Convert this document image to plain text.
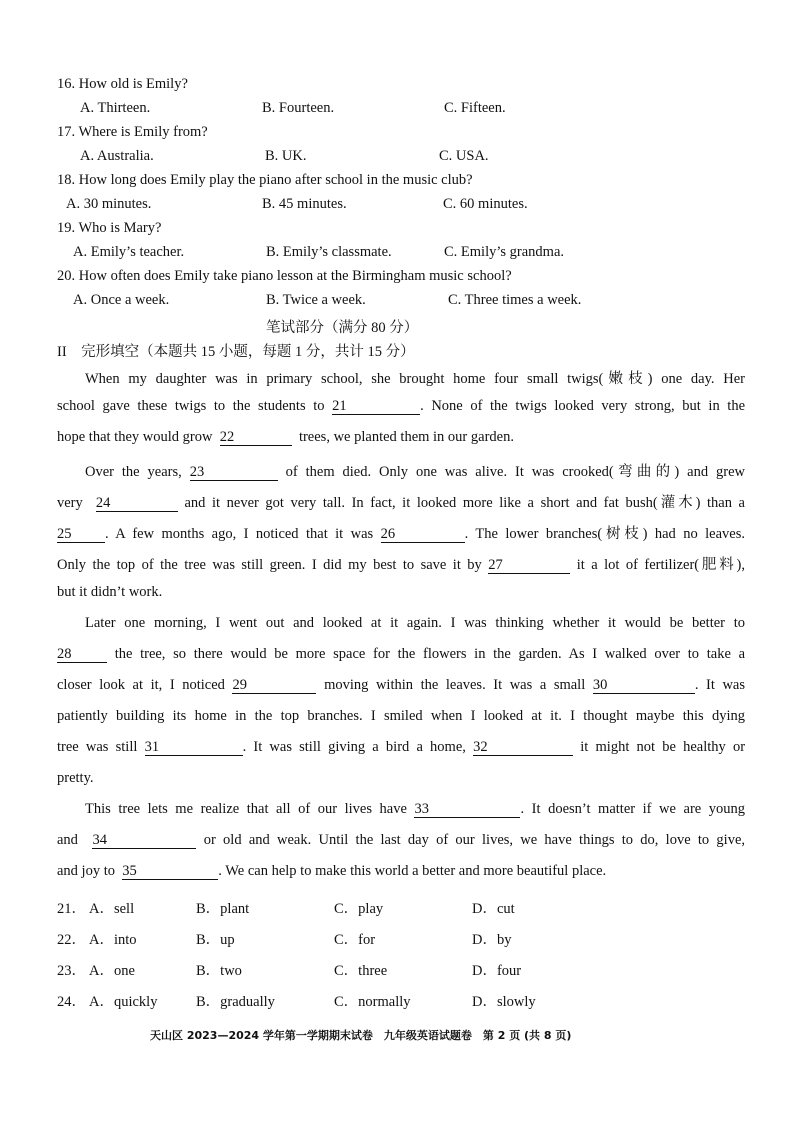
16. How old is Emily?
A. Thirteen.	B. Fourteen.	C. Fifteen.
17. Where is Emily from?
A. Australia.	B. UK.	C. USA.
18. How long does Emily play the piano after school in the music club?
A. 30 minutes.	B. 45 minutes.	C. 60 minutes.
19. Who is Mary?
A. Emily’s teacher.	B. Emily’s classmate.	C. Emily’s grandma.
20. How often does Emily take piano lesson at the Birmingham music school?
A. Once a week.	B. Twice a week.	C. Three times a week.
笔试部分（满分 80 分）
II　完形填空（本题共 15 小题，每题 1 分，共计 15 分）
When my daughter was in primary school, she brought home four small twigs(嫩枝) one day. Her
school gave these twigs to the students to 21	. None of the twigs looked very strong, but in the
hope that they would grow 22	trees, we planted them in our garden.
Over the years, 23	of them died. Only one was alive. It was crooked(弯曲的) and grew
very 24	and it never got very tall. In fact, it looked more like a short and fat bush(灌木) than a
25 . A few months ago, I noticed that it was 26	. The lower branches(树枝) had no leaves.
Only the top of the tree was still green. I did my best to save it by 27	it a lot of fertilizer(肥料),
but it didn’t work.
Later one morning, I went out and looked at it again. I was thinking whether it would be better to
28	the tree, so there would be more space for the flowers in the garden. As I walked over to take a
closer look at it, I noticed 29	moving within the leaves. It was a small 30	. It was
patiently building its home in the top branches. I smiled when I looked at it. I thought maybe this dying
tree was still 31	. It was still giving a bird a home, 32	it might not be healthy or
pretty.
This tree lets me realize that all of our lives have 33	. It doesn’t matter if we are young
and 34	or old and weak. Until the last day of our lives, we have things to do, love to give,
and joy to 35	. We can help to make this world a better and more beautiful place.
21． A．sell	B．plant	C．play	D．cut
22． A．into	B．up	C．for	D．by
23． A．one	B．two	C．three	D．four
24． A．quickly	B．gradually	C．normally	D．slowly
天山区 2023—2024 学年第一学期期末试卷　九年级英语试题卷　第 2 页 (共 8 页)
